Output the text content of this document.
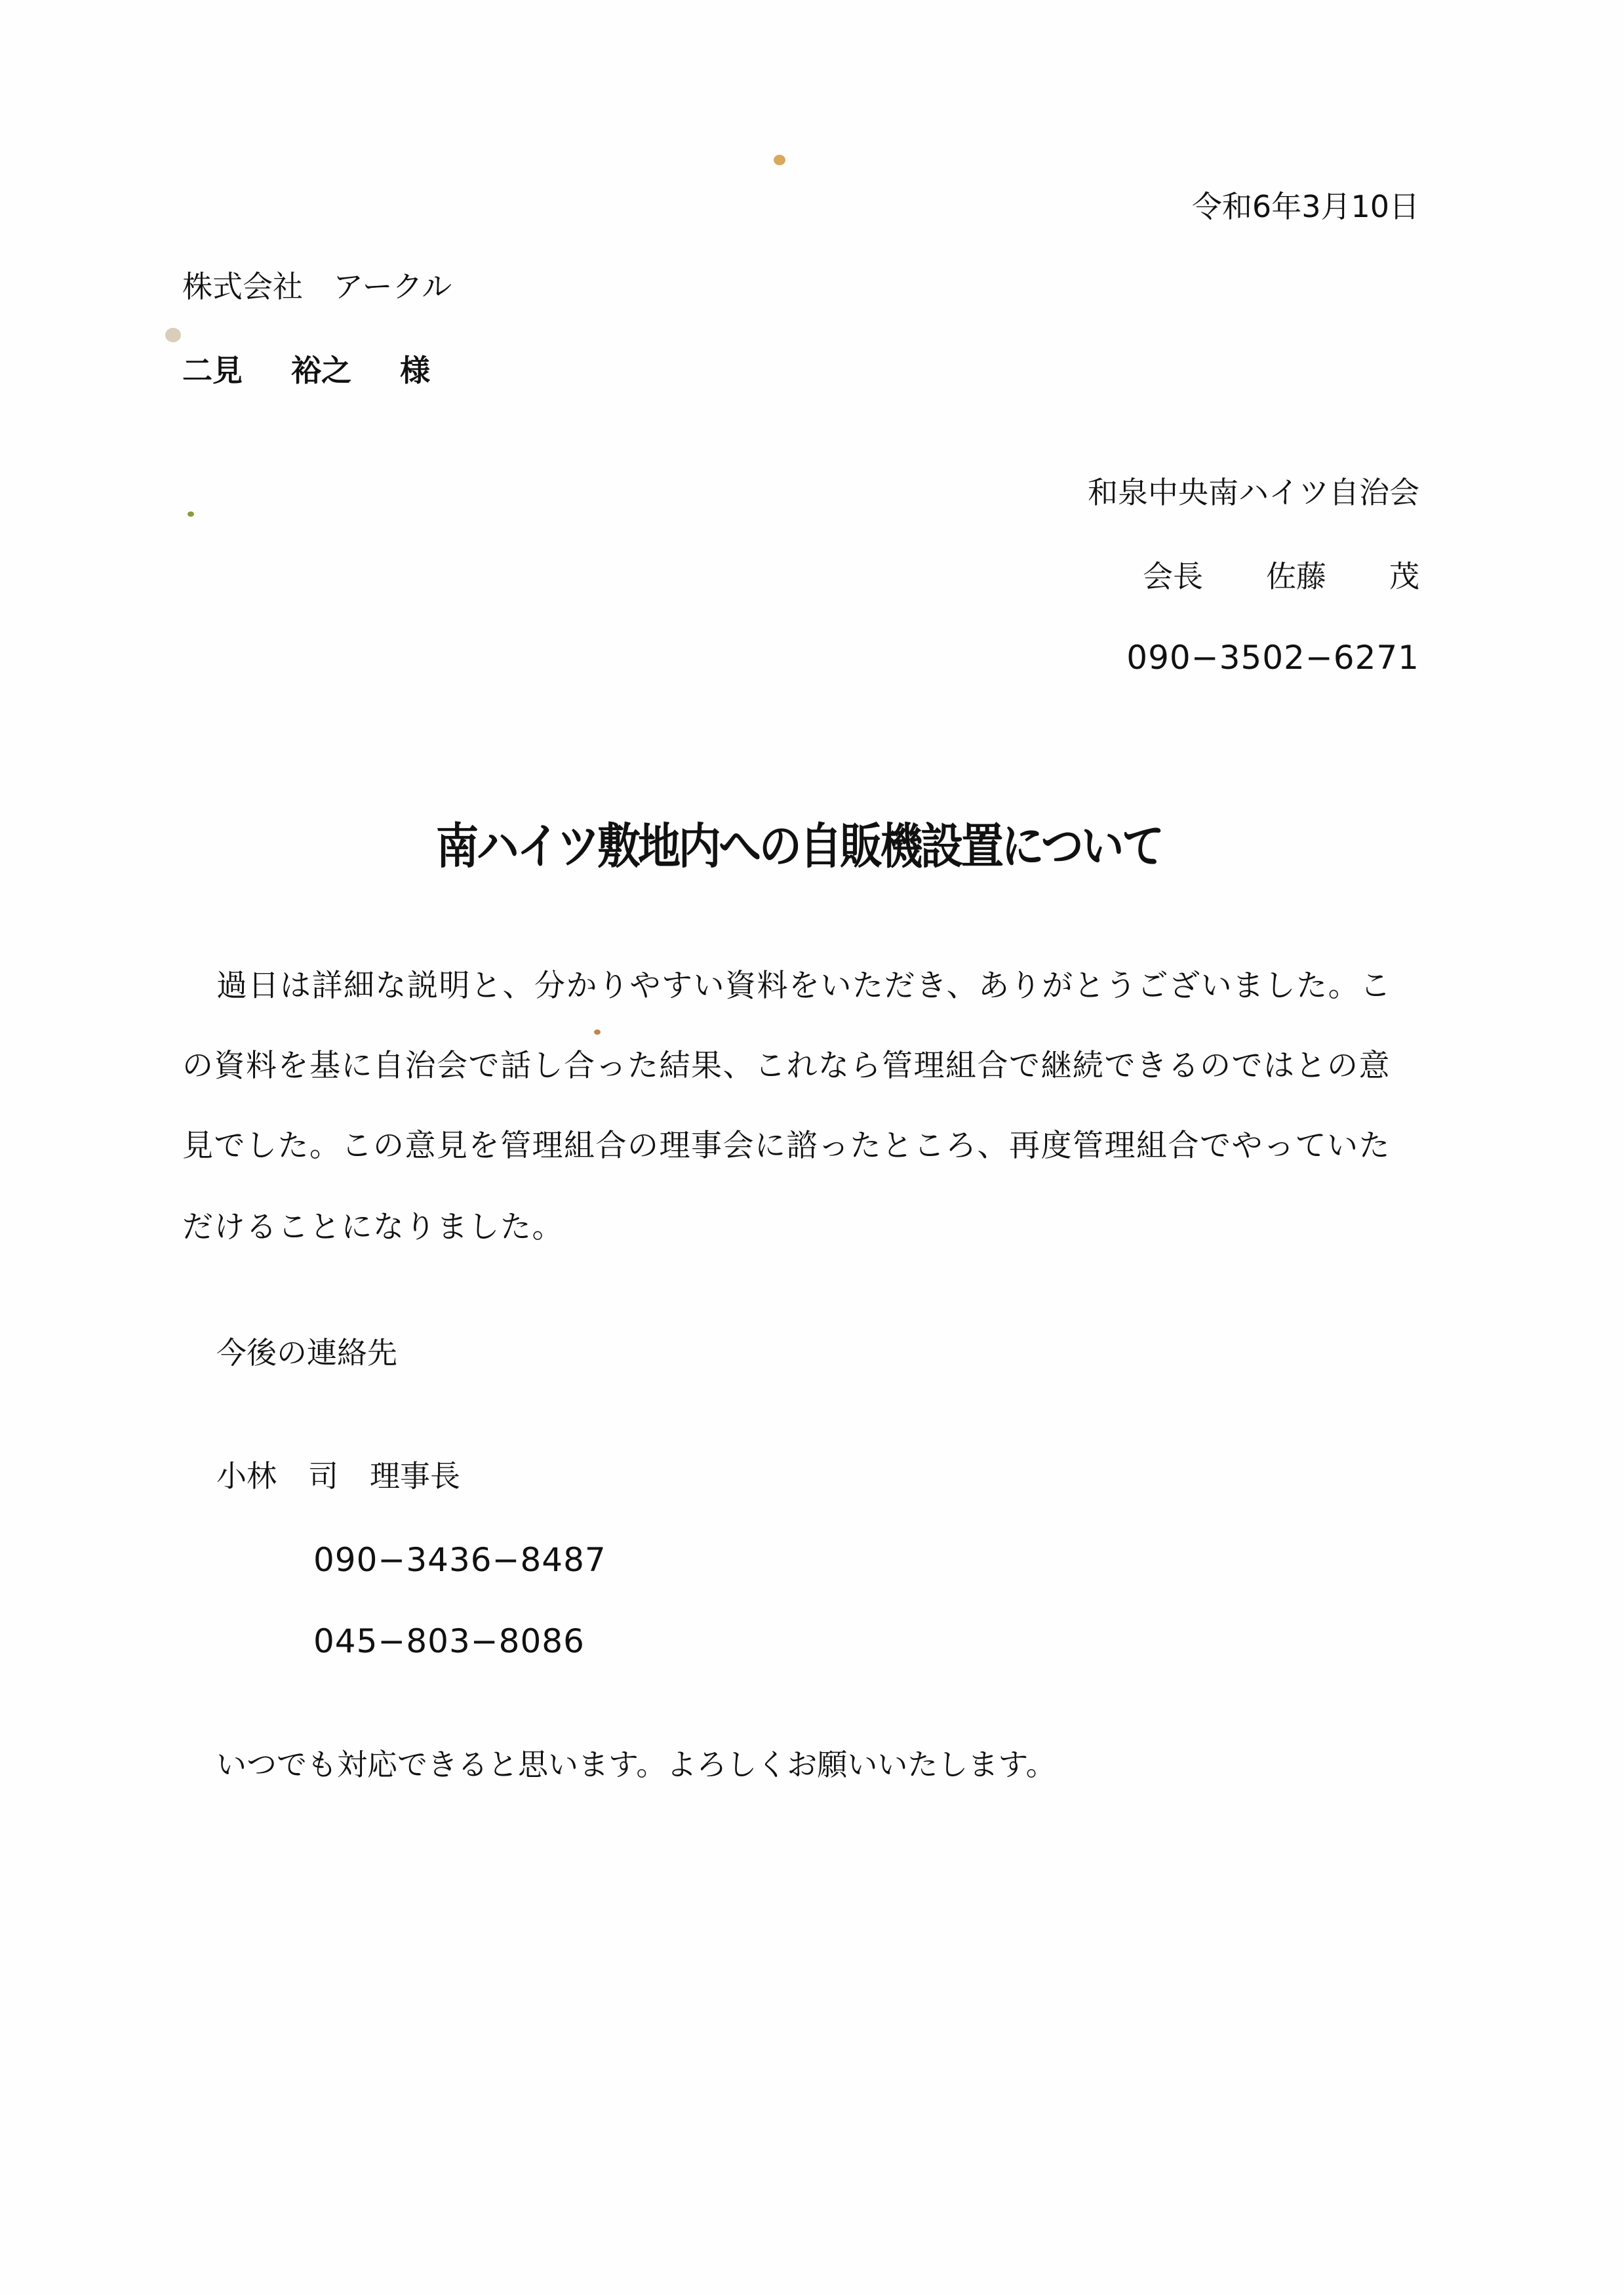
令和6年3月10日
株式会社　アークル
二見 裕之 様
和泉中央南ハイツ自治会
会長 佐藤 茂
090−3502−6271
南ハイツ敷地内への自販機設置について
過日は詳細な説明と、分かりやすい資料をいただき、ありがとうございました。こ
の資料を基に自治会で話し合った結果、これなら管理組合で継続できるのではとの意
見でした。この意見を管理組合の理事会に諮ったところ、再度管理組合でやっていた
だけることになりました。
今後の連絡先
小林 司 理事長
090−3436−8487
045−803−8086
いつでも対応できると思います。よろしくお願いいたします。
